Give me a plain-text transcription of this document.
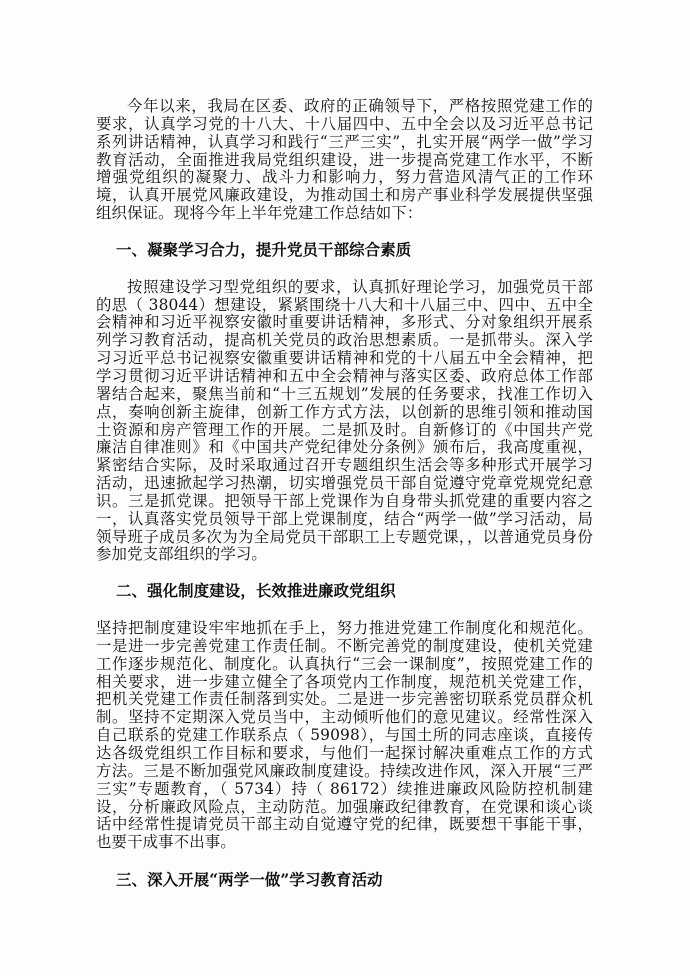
今年以来，我局在区委、政府的正确领导下，严格按照党建工作的要求，认真学习党的十八大、十八届四中、五中全会以及习近平总书记系列讲话精神，认真学习和践行“三严三实”，扎实开展“两学一做”学习教育活动，全面推进我局党组织建设，进一步提高党建工作水平，不断增强党组织的凝聚力、战斗力和影响力，努力营造风清气正的工作环境，认真开展党风廉政建设，为推动国土和房产事业科学发展提供坚强组织保证。现将今年上半年党建工作总结如下：

一、凝聚学习合力，提升党员干部综合素质

按照建设学习型党组织的要求，认真抓好理论学习，加强党员干部的思（ 38044）想建设，紧紧围绕十八大和十八届三中、四中、五中全会精神和习近平视察安徽时重要讲话精神，多形式、分对象组织开展系列学习教育活动，提高机关党员的政治思想素质。一是抓带头。深入学习习近平总书记视察安徽重要讲话精神和党的十八届五中全会精神，把学习贯彻习近平讲话精神和五中全会精神与落实区委、政府总体工作部署结合起来，聚焦当前和“十三五规划”发展的任务要求，找准工作切入点，奏响创新主旋律，创新工作方式方法，以创新的思维引领和推动国土资源和房产管理工作的开展。二是抓及时。自新修订的《中国共产党廉洁自律准则》和《中国共产党纪律处分条例》颁布后，我高度重视，紧密结合实际，及时采取通过召开专题组织生活会等多种形式开展学习活动，迅速掀起学习热潮，切实增强党员干部自觉遵守党章党规党纪意识。三是抓党课。把领导干部上党课作为自身带头抓党建的重要内容之一，认真落实党员领导干部上党课制度，结合“两学一做”学习活动，局领导班子成员多次为为全局党员干部职工上专题党课，，以普通党员身份参加党支部组织的学习。

二、强化制度建设，长效推进廉政党组织

坚持把制度建设牢牢地抓在手上，努力推进党建工作制度化和规范化。一是进一步完善党建工作责任制。不断完善党的制度建设，使机关党建工作逐步规范化、制度化。认真执行“三会一课制度”，按照党建工作的相关要求，进一步建立健全了各项党内工作制度，规范机关党建工作，把机关党建工作责任制落到实处。二是进一步完善密切联系党员群众机制。坚持不定期深入党员当中，主动倾听他们的意见建议。经常性深入自己联系的党建工作联系点（ 59098），与国土所的同志座谈，直接传达各级党组织工作目标和要求，与他们一起探讨解决重难点工作的方式方法。三是不断加强党风廉政制度建设。持续改进作风，深入开展“三严三实”专题教育，（ 5734）持（ 86172）续推进廉政风险防控机制建设，分析廉政风险点，主动防范。加强廉政纪律教育，在党课和谈心谈话中经常性提请党员干部主动自觉遵守党的纪律，既要想干事能干事，也要干成事不出事。

三、深入开展“两学一做”学习教育活动
